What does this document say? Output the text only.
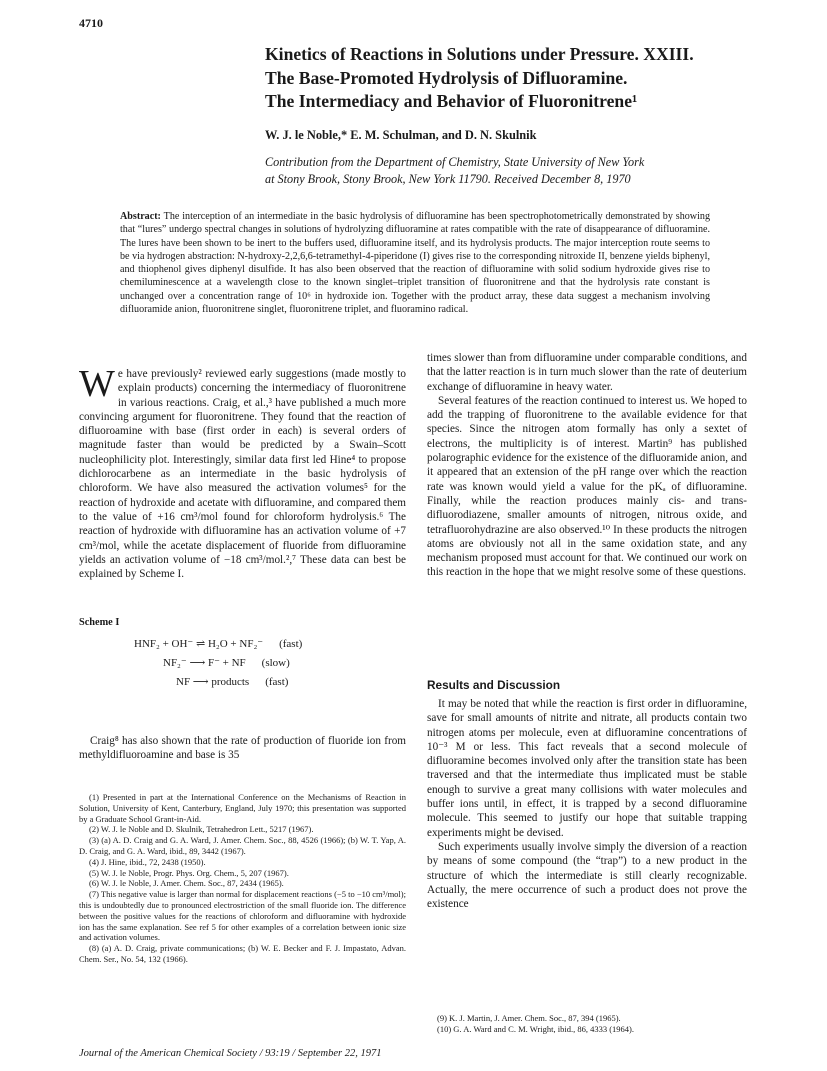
4710
Kinetics of Reactions in Solutions under Pressure. XXIII.
The Base-Promoted Hydrolysis of Difluoramine.
The Intermediacy and Behavior of Fluoronitrene¹
W. J. le Noble,* E. M. Schulman, and D. N. Skulnik
Contribution from the Department of Chemistry, State University of New York
at Stony Brook, Stony Brook, New York 11790. Received December 8, 1970
Abstract: The interception of an intermediate in the basic hydrolysis of difluoramine has been spectrophotometrically demonstrated by showing that “lures” undergo spectral changes in solutions of hydrolyzing difluoramine at rates compatible with the rate of disappearance of difluoramine. The lures have been shown to be inert to the buffers used, difluoramine itself, and its hydrolysis products. The major interception route seems to be via hydrogen abstraction: N-hydroxy-2,2,6,6-tetramethyl-4-piperidone (I) gives rise to the corresponding nitroxide II, benzene yields biphenyl, and thiophenol gives diphenyl disulfide. It has also been observed that the reaction of difluoramine with solid sodium hydroxide gives rise to chemiluminescence at a wavelength close to the known singlet–triplet transition of fluoronitrene and that the hydrolysis rate constant is unchanged over a concentration range of 10⁶ in hydroxide ion. Together with the product array, these data suggest a mechanism involving difluoramide anion, fluoronitrene singlet, fluoronitrene triplet, and fluoramino radical.

We have previously² reviewed early suggestions (made mostly to explain products) concerning the intermediacy of fluoronitrene in various reactions. Craig, et al.,³ have published a much more convincing argument for fluoronitrene. They found that the reaction of difluoroamine with base (first order in each) is several orders of magnitude faster than would be predicted by a Swain–Scott nucleophilicity plot. Interestingly, similar data first led Hine⁴ to propose dichlorocarbene as an intermediate in the basic hydrolysis of chloroform. We have also measured the activation volumes⁵ for the reaction of hydroxide and acetate with difluoramine, and compared them to the value of +16 cm³/mol found for chloroform hydrolysis.⁶ The reaction of hydroxide with difluoramine has an activation volume of +7 cm³/mol, while the acetate displacement of fluoride from difluoramine yields an activation volume of −18 cm³/mol.²,⁷ These data can best be explained by Scheme I.

Scheme I
HNF₂ + OH⁻ ⇌ H₂O + NF₂⁻ (fast)
NF₂⁻ ⟶ F⁻ + NF (slow)
NF ⟶ products (fast)

Craig⁸ has also shown that the rate of production of fluoride ion from methyldifluoroamine and base is 35

(1) Presented in part at the International Conference on the Mechanisms of Reaction in Solution, University of Kent, Canterbury, England, July 1970; this presentation was supported by a Graduate School Grant-in-Aid.

(2) W. J. le Noble and D. Skulnik, Tetrahedron Lett., 5217 (1967).

(3) (a) A. D. Craig and G. A. Ward, J. Amer. Chem. Soc., 88, 4526 (1966); (b) W. T. Yap, A. D. Craig, and G. A. Ward, ibid., 89, 3442 (1967).

(4) J. Hine, ibid., 72, 2438 (1950).

(5) W. J. le Noble, Progr. Phys. Org. Chem., 5, 207 (1967).

(6) W. J. le Noble, J. Amer. Chem. Soc., 87, 2434 (1965).

(7) This negative value is larger than normal for displacement reactions (−5 to −10 cm³/mol); this is undoubtedly due to pronounced electrostriction of the small fluoride ion. The difference between the positive values for the reactions of chloroform and difluoramine with hydroxide ion has the same explanation. See ref 5 for other examples of a correlation between ionic size and activation volumes.

(8) (a) A. D. Craig, private communications; (b) W. E. Becker and F. J. Impastato, Advan. Chem. Ser., No. 54, 132 (1966).

times slower than from difluoramine under comparable conditions, and that the latter reaction is in turn much slower than the rate of deuterium exchange of difluoramine in heavy water.

Several features of the reaction continued to interest us. We hoped to add the trapping of fluoronitrene to the available evidence for that species. Since the nitrogen atom formally has only a sextet of electrons, the multiplicity is of interest. Martin⁹ has published polarographic evidence for the existence of the difluoramide anion, and it appeared that an extension of the pH range over which the reaction rate was known would yield a value for the pKₐ of difluoramine. Finally, while the reaction produces mainly cis- and trans-difluorodiazene, smaller amounts of nitrogen, nitrous oxide, and tetrafluorohydrazine are also observed.¹⁰ In these products the nitrogen atoms are obviously not all in the same oxidation state, and any mechanism proposed must account for that. We continued our work on this reaction in the hope that we might resolve some of these questions.

Results and Discussion

It may be noted that while the reaction is first order in difluoramine, save for small amounts of nitrite and nitrate, all products contain two nitrogen atoms per molecule, even at difluoramine concentrations of 10⁻³ M or less. This fact reveals that a second molecule of difluoramine becomes involved only after the transition state has been traversed and that the intermediate thus implicated must be stable enough to survive a great many collisions with water molecules and buffer ions until, in effect, it is trapped by a second difluoramine molecule. This seemed to justify our hope that suitable trapping experiments might be devised.

Such experiments usually involve simply the diversion of a reaction by means of some compound (the “trap”) to a new product in the structure of which the intermediate is still clearly recognizable. Actually, the mere occurrence of such a product does not prove the existence

(9) K. J. Martin, J. Amer. Chem. Soc., 87, 394 (1965).

(10) G. A. Ward and C. M. Wright, ibid., 86, 4333 (1964).

Journal of the American Chemical Society / 93:19 / September 22, 1971
